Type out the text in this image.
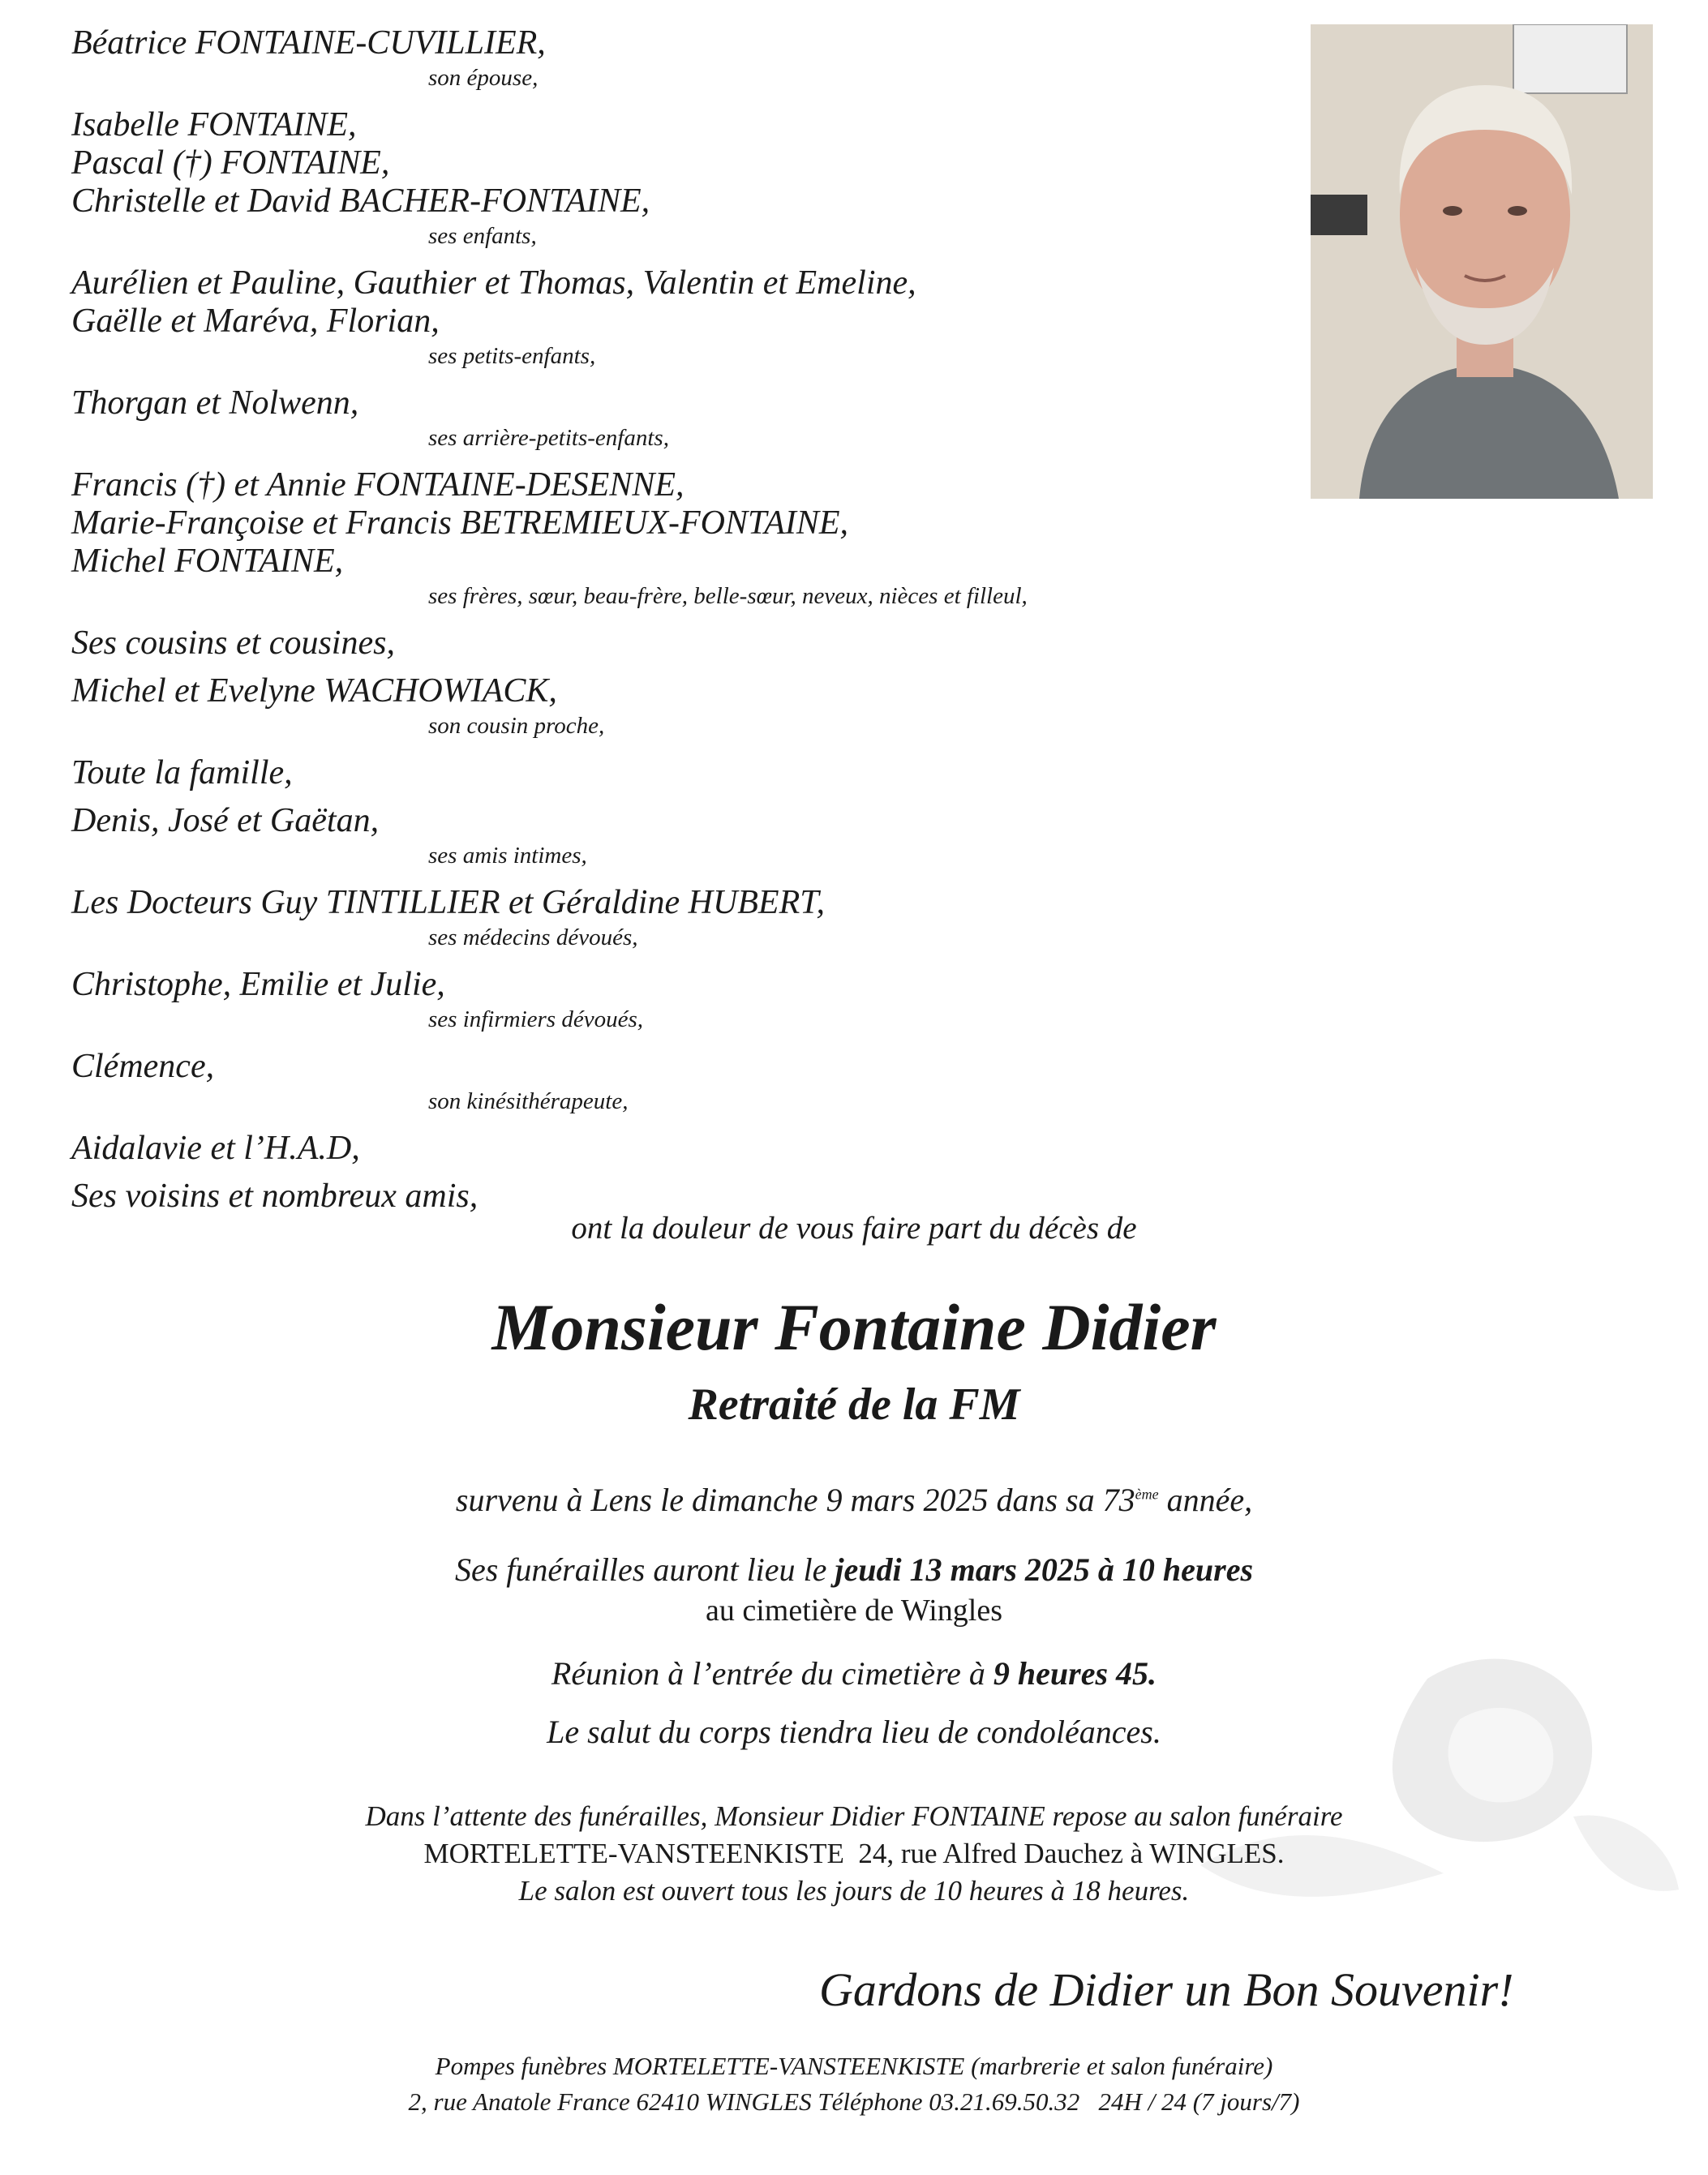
Béatrice FONTAINE-CUVILLIER,
son épouse,
Isabelle FONTAINE,
Pascal (†) FONTAINE,
Christelle et David BACHER-FONTAINE,
ses enfants,
Aurélien et Pauline, Gauthier et Thomas, Valentin et Emeline,
Gaëlle et Maréva, Florian,
ses petits-enfants,
Thorgan et Nolwenn,
ses arrière-petits-enfants,
Francis (†) et Annie FONTAINE-DESENNE,
Marie-Françoise et Francis BETREMIEUX-FONTAINE,
Michel FONTAINE,
ses frères, sœur, beau-frère, belle-sœur, neveux, nièces et filleul,
Ses cousins et cousines,
Michel et Evelyne WACHOWIACK,
son cousin proche,
Toute la famille,
Denis, José et Gaëtan,
ses amis intimes,
Les Docteurs Guy TINTILLIER et Géraldine HUBERT,
ses médecins dévoués,
Christophe, Emilie et Julie,
ses infirmiers dévoués,
Clémence,
son kinésithérapeute,
Aidalavie et l’H.A.D,
Ses voisins et nombreux amis,
ont la douleur de vous faire part du décès de
Monsieur Fontaine Didier
Retraité de la FM
survenu à Lens le dimanche 9 mars 2025 dans sa 73ème année,
Ses funérailles auront lieu le jeudi 13 mars 2025 à 10 heures
au cimetière de Wingles
Réunion à l’entrée du cimetière à 9 heures 45.
Le salut du corps tiendra lieu de condoléances.
Dans l’attente des funérailles, Monsieur Didier FONTAINE repose au salon funéraire
MORTELETTE-VANSTEENKISTE  24, rue Alfred Dauchez à WINGLES.
Le salon est ouvert tous les jours de 10 heures à 18 heures.
Gardons de Didier un Bon Souvenir!
Pompes funèbres MORTELETTE-VANSTEENKISTE (marbrerie et salon funéraire)
2, rue Anatole France 62410 WINGLES Téléphone 03.21.69.50.32   24H / 24 (7 jours/7)
